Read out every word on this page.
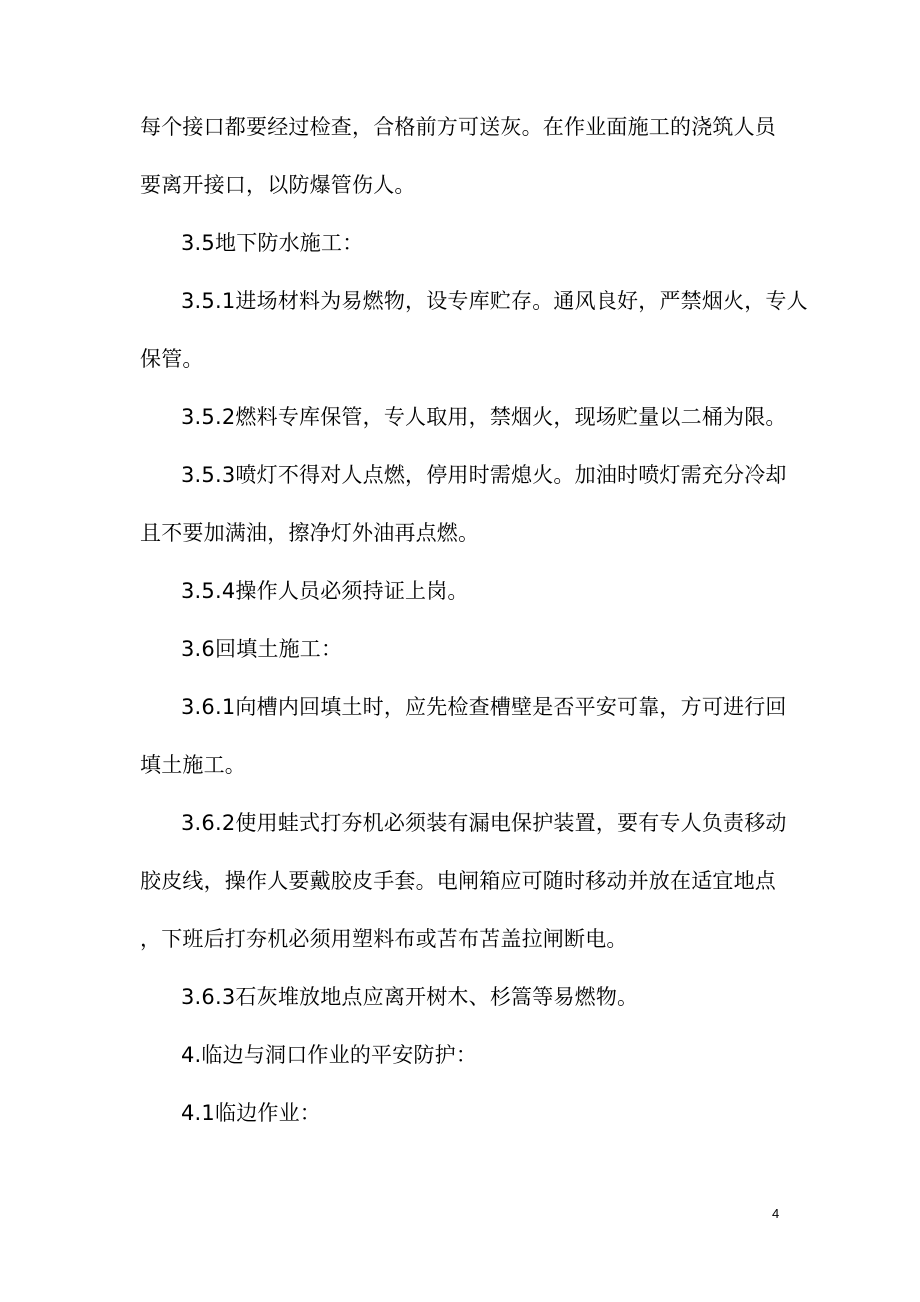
每个接口都要经过检查，合格前方可送灰。在作业面施工的浇筑人员
要离开接口，以防爆管伤人。
3.5地下防水施工：
3.5.1进场材料为易燃物，设专库贮存。通风良好，严禁烟火，专人
保管。
3.5.2燃料专库保管，专人取用，禁烟火，现场贮量以二桶为限。
3.5.3喷灯不得对人点燃，停用时需熄火。加油时喷灯需充分冷却
且不要加满油，擦净灯外油再点燃。
3.5.4操作人员必须持证上岗。
3.6回填土施工：
3.6.1向槽内回填土时，应先检查槽壁是否平安可靠，方可进行回
填土施工。
3.6.2使用蛙式打夯机必须装有漏电保护装置，要有专人负责移动
胶皮线，操作人要戴胶皮手套。电闸箱应可随时移动并放在适宜地点
，下班后打夯机必须用塑料布或苫布苫盖拉闸断电。
3.6.3石灰堆放地点应离开树木、杉篙等易燃物。
4.临边与洞口作业的平安防护：
4.1临边作业：
4
